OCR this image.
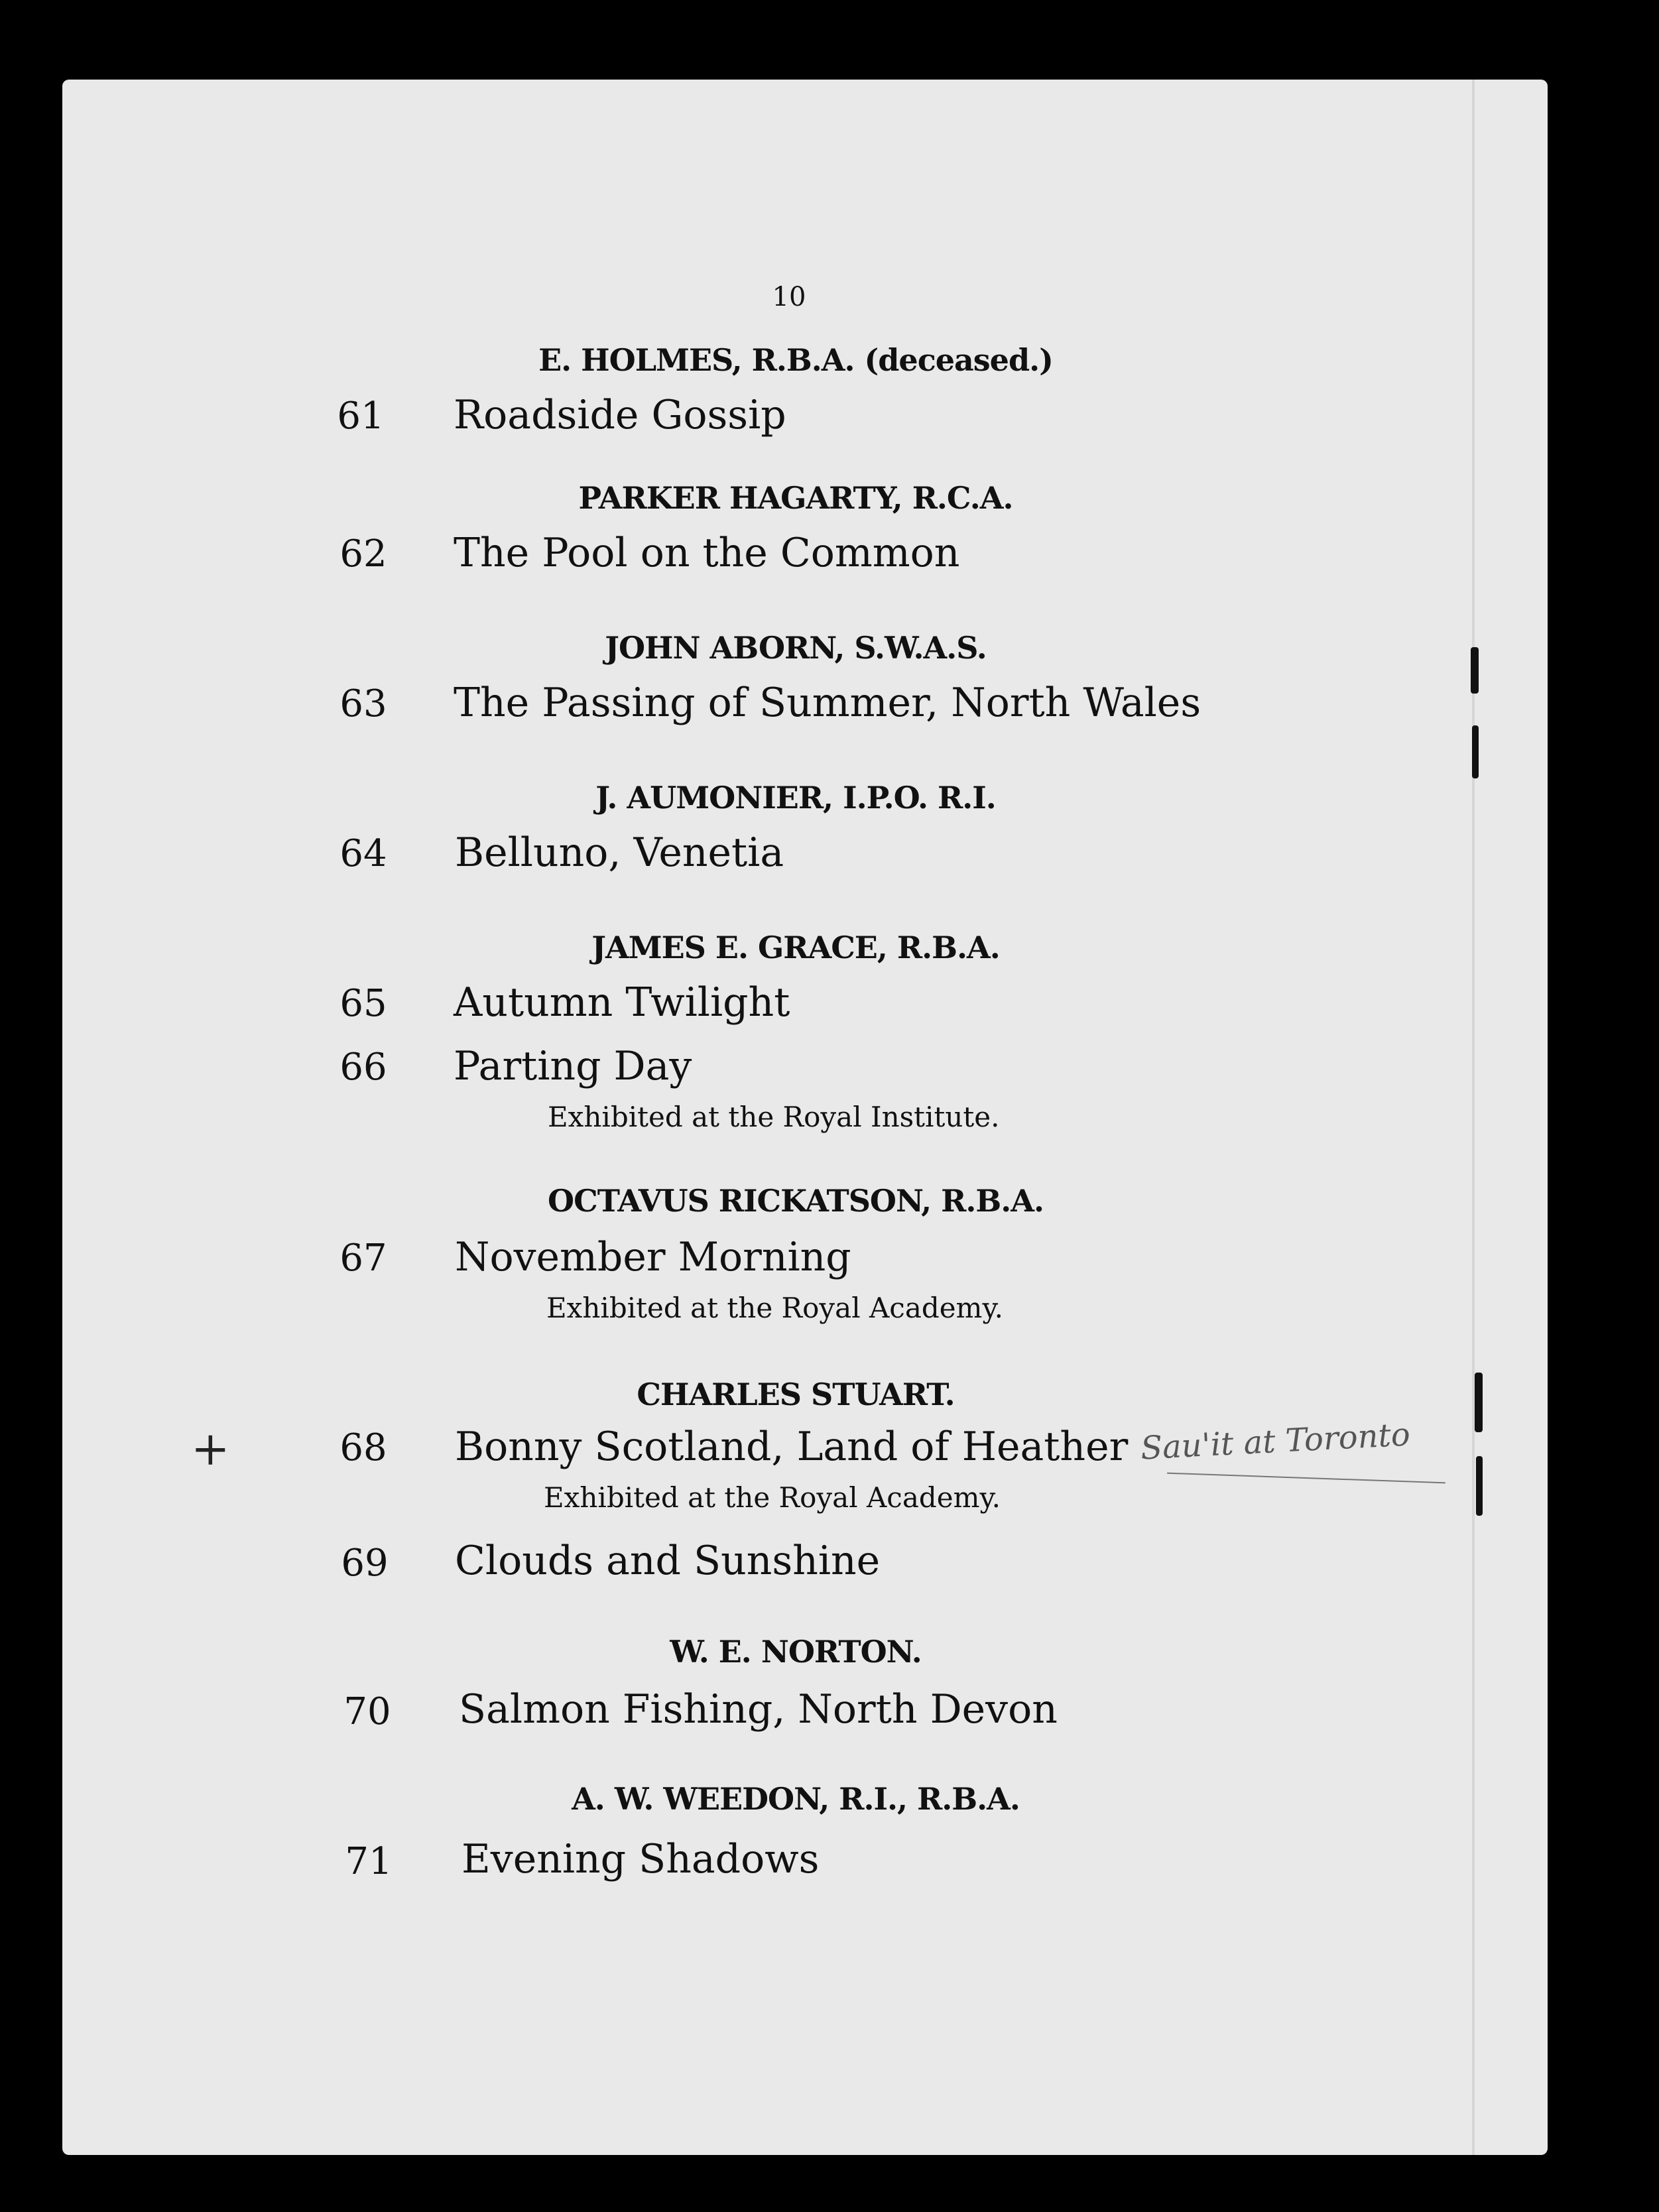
10
E. HOLMES, R.B.A. (deceased.)
61	Roadside Gossip
PARKER HAGARTY, R.C.A.
62	The Pool on the Common
JOHN ABORN, S.W.A.S.
63	The Passing of Summer, North Wales
J. AUMONIER, I.P.O. R.I.
64	Belluno, Venetia
JAMES E. GRACE, R.B.A.
65	Autumn Twilight
66	Parting Day
Exhibited at the Royal Institute.
OCTAVUS RICKATSON, R.B.A.
67	November Morning
Exhibited at the Royal Academy.
CHARLES STUART.
+	68	Bonny Scotland, Land of Heather Sau'it at Toronto
Exhibited at the Royal Academy.
69	Clouds and Sunshine
W. E. NORTON.
70	Salmon Fishing, North Devon
A. W. WEEDON, R.I., R.B.A.
71	Evening Shadows
